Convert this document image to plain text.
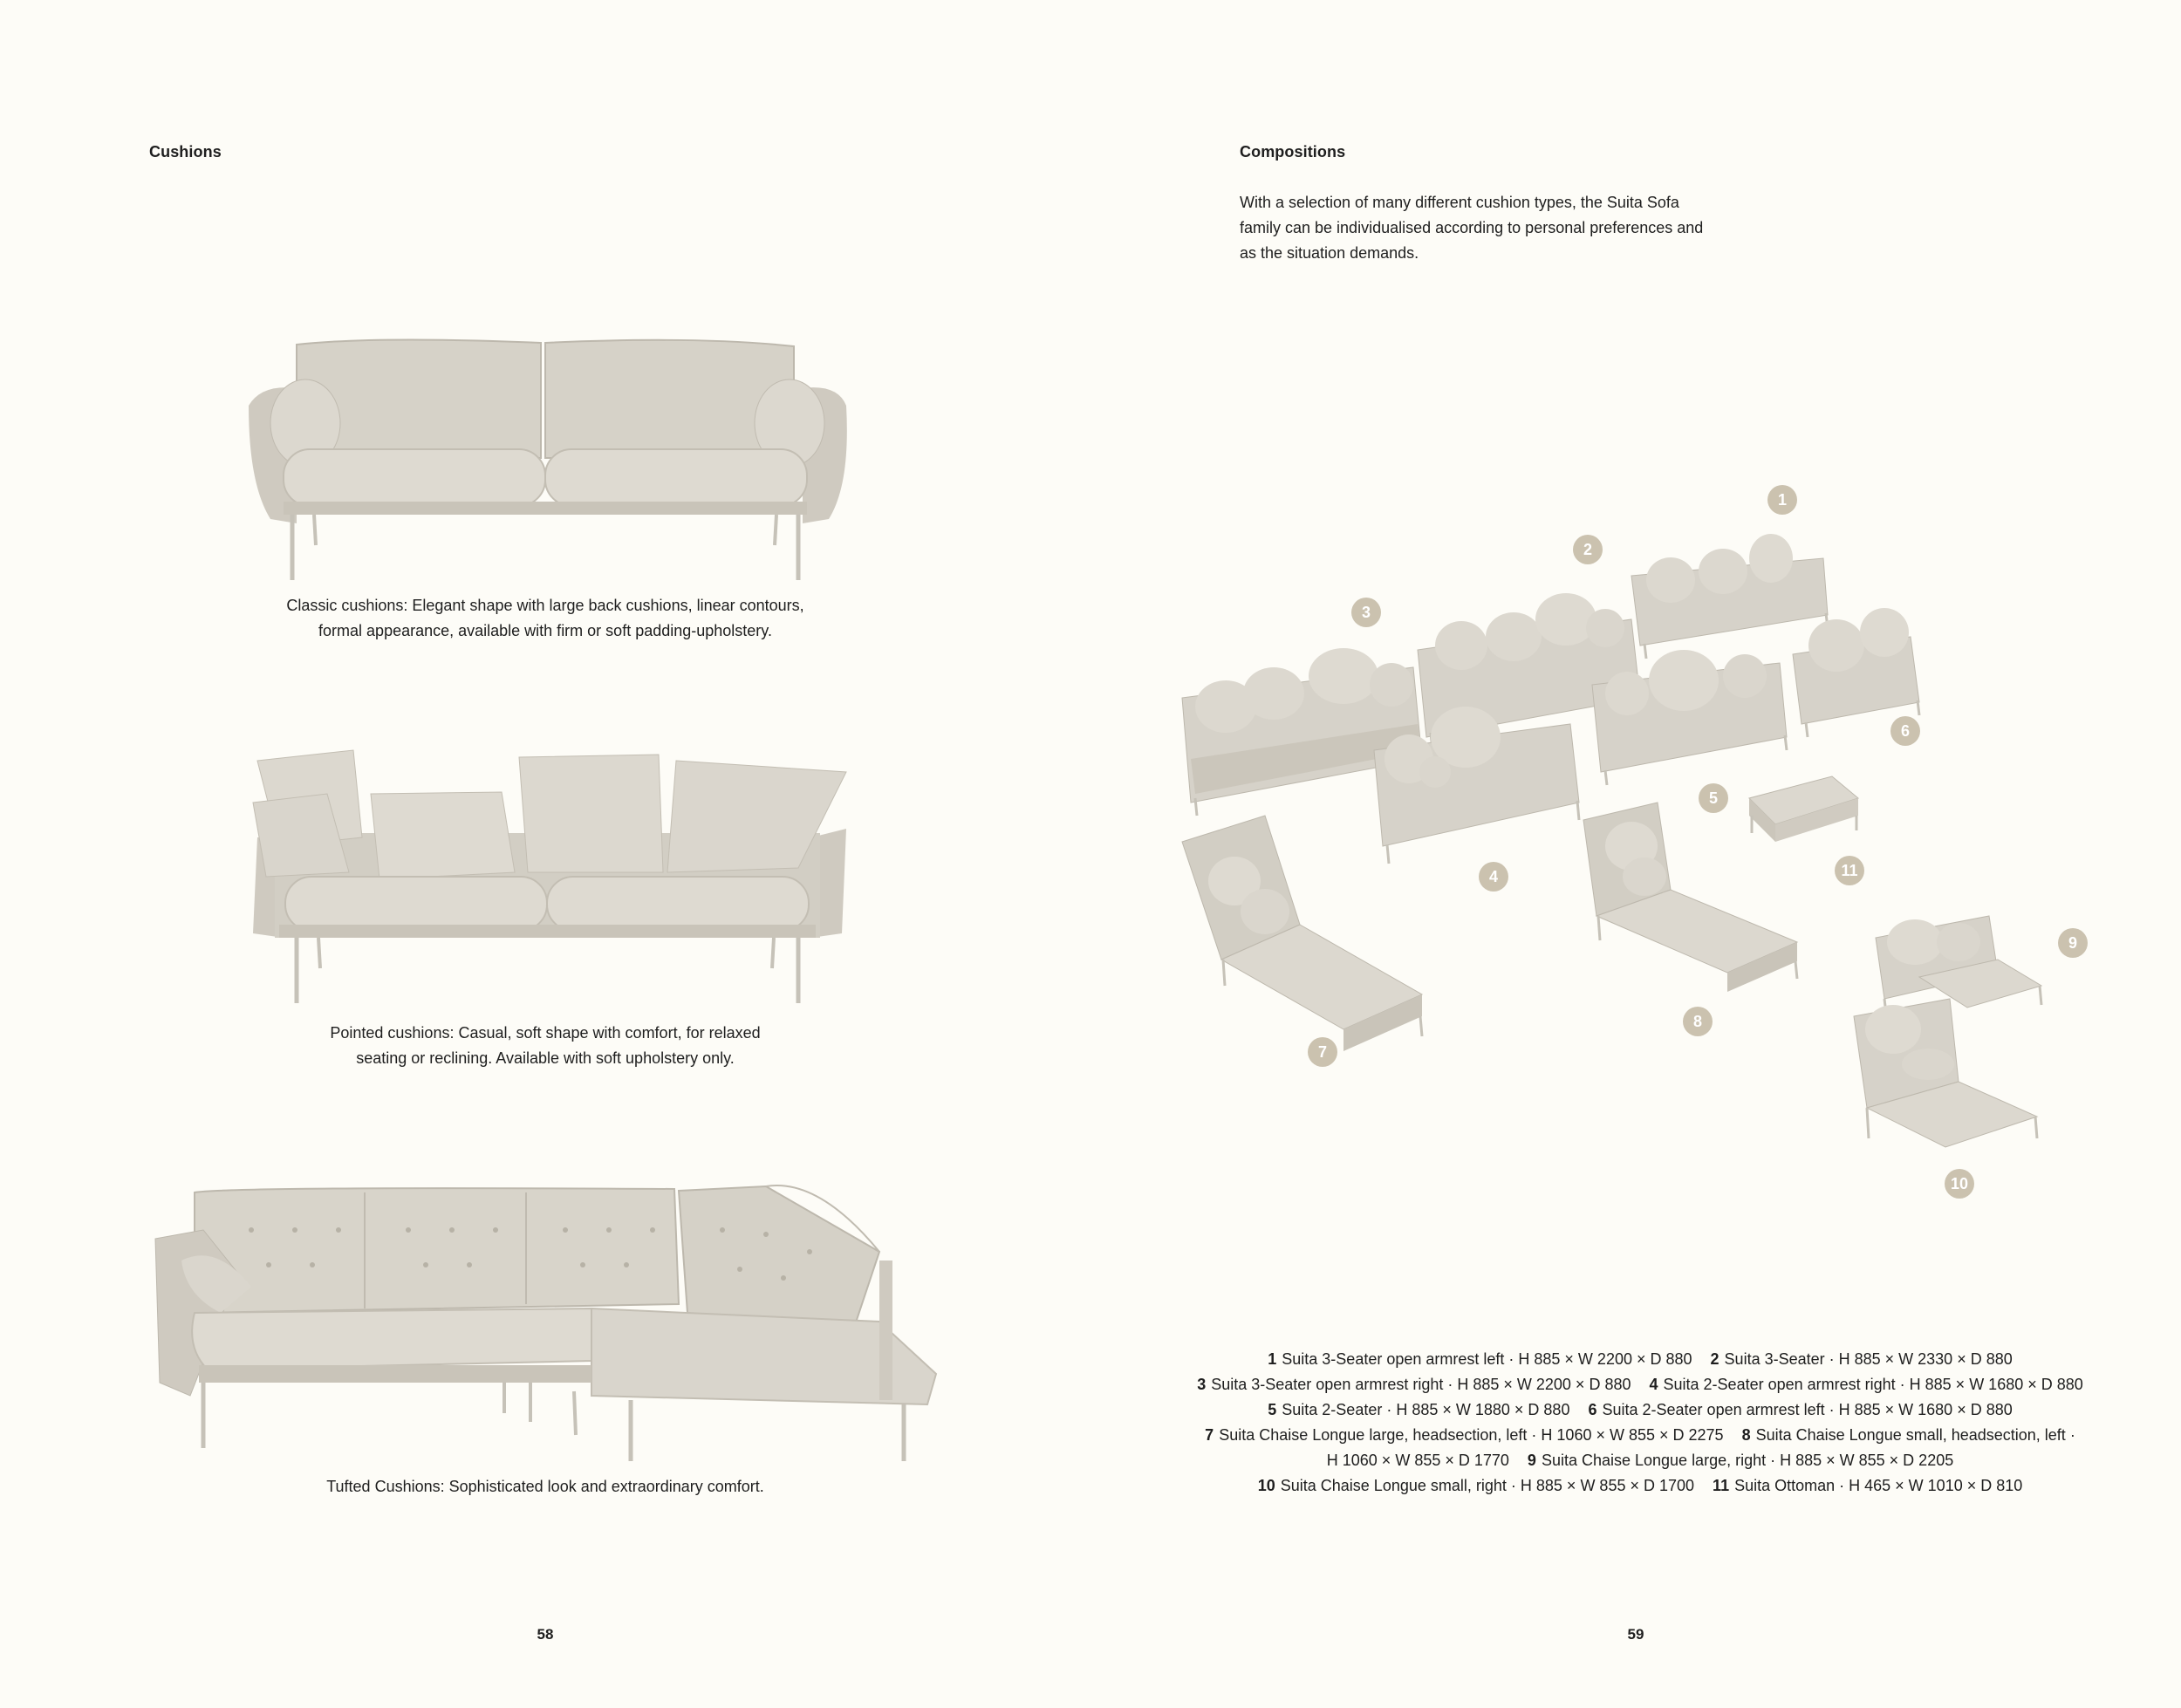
Cushions
Classic cushions: Elegant shape with large back cushions, linear contours,
formal appearance, available with firm or soft padding-upholstery.
Pointed cushions: Casual, soft shape with comfort, for relaxed
seating or reclining. Available with soft upholstery only.
Tufted Cushions: Sophisticated look and extraordinary comfort.
58
Compositions
With a selection of many different cushion types, the Suita Sofa
family can be individualised according to personal preferences and
as the situation demands.
1
2
3
4
5
6
7
8
9
10
11
1 Suita 3-Seater open armrest left · H 885 × W 2200 × D 880 2 Suita 3-Seater · H 885 × W 2330 × D 880
3 Suita 3-Seater open armrest right · H 885 × W 2200 × D 880 4 Suita 2-Seater open armrest right · H 885 × W 1680 × D 880
5 Suita 2-Seater · H 885 × W 1880 × D 880 6 Suita 2-Seater open armrest left · H 885 × W 1680 × D 880
7 Suita Chaise Longue large, headsection, left · H 1060 × W 855 × D 2275 8 Suita Chaise Longue small, headsection, left ·
H 1060 × W 855 × D 1770 9 Suita Chaise Longue large, right · H 885 × W 855 × D 2205
10 Suita Chaise Longue small, right · H 885 × W 855 × D 1700 11 Suita Ottoman · H 465 × W 1010 × D 810
59
